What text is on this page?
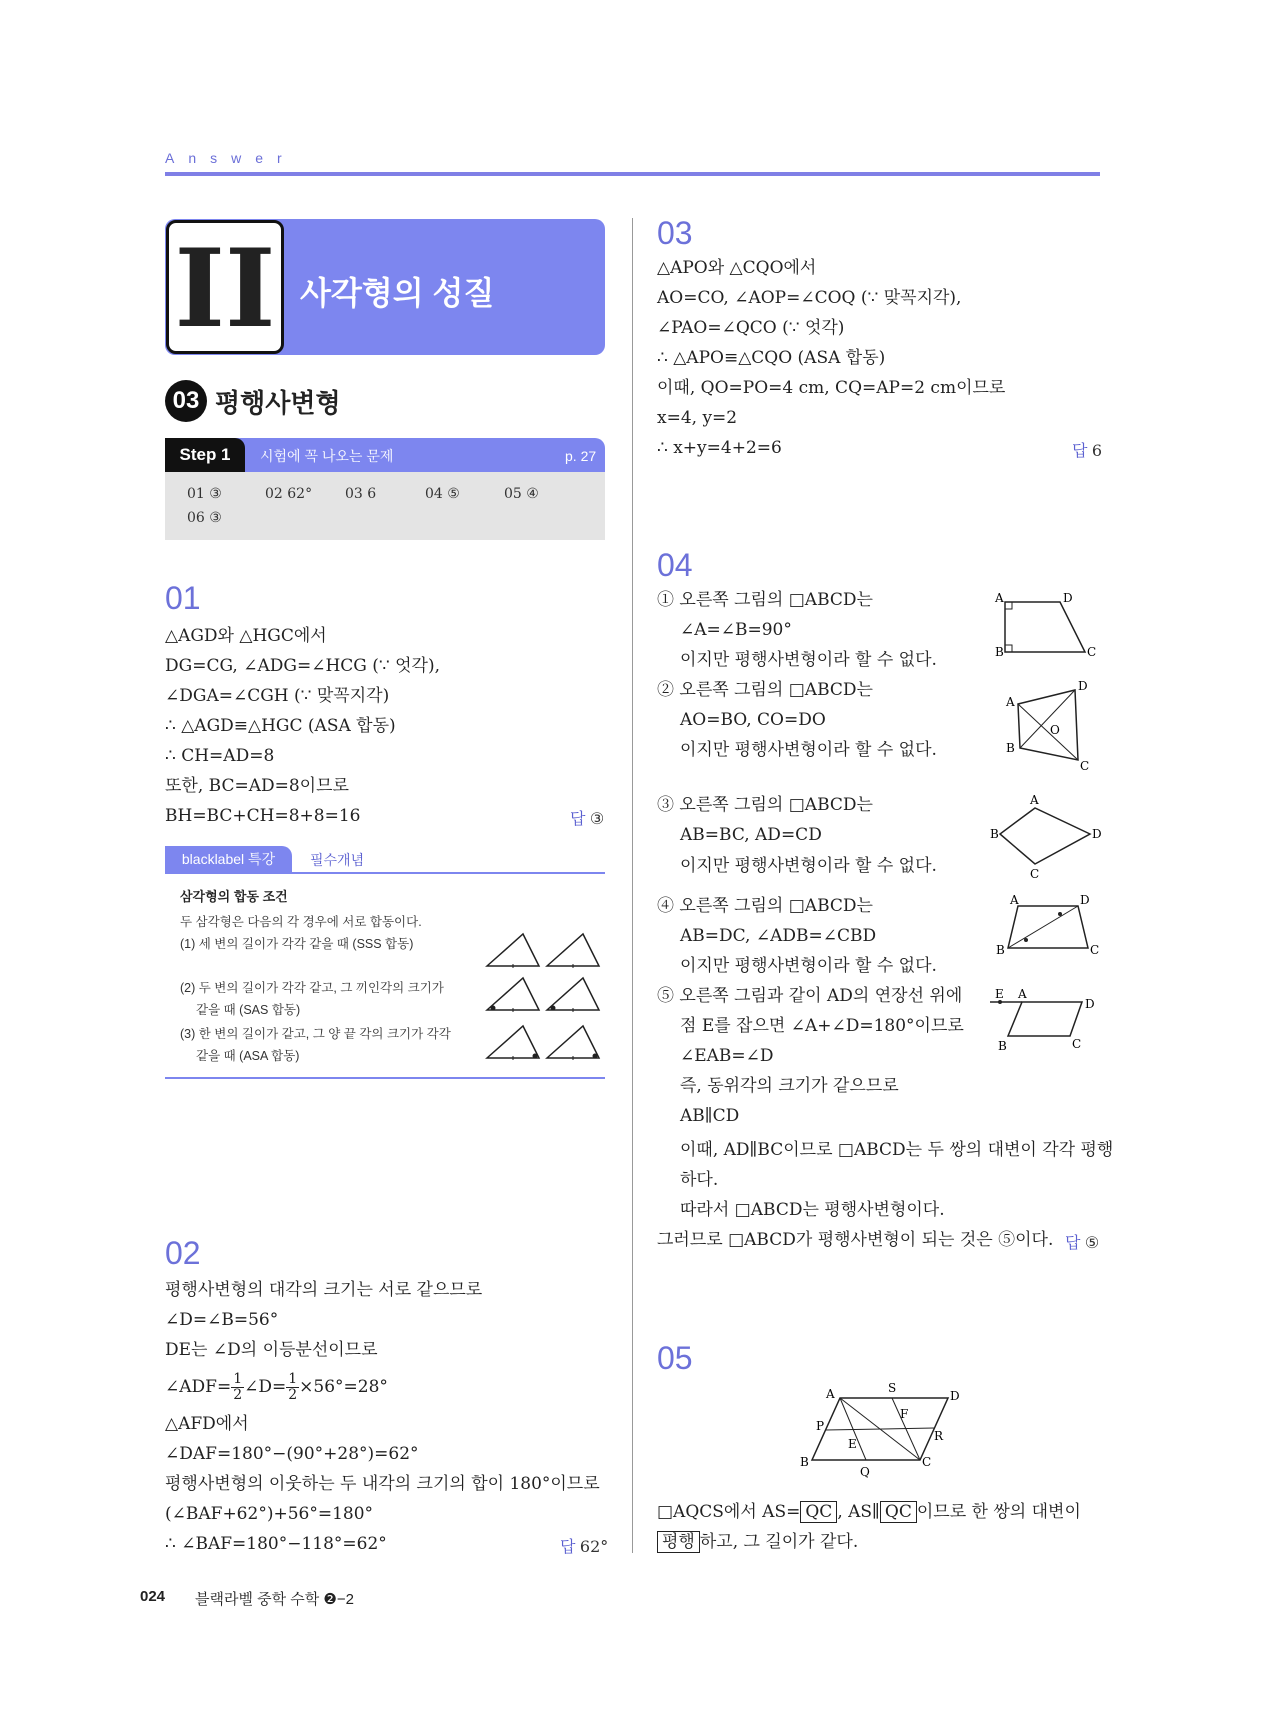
Answer
II 사각형의 성질
03 평행사변형
Step 1	시험에 꼭 나오는 문제	p. 27
01 ③	02 62° 03 6	04 ⑤	05 ④
06 ③
01
△AGD와 △HGC에서
DG=CG, ∠ADG=∠HCG (∵ 엇각),
∠DGA=∠CGH (∵ 맞꼭지각)
∴ △AGD≡△HGC (ASA 합동)
∴ CH=AD=8
또한, BC=AD=8이므로
BH=BC+CH=8+8=16	답 ③
blacklabel 특강	필수개념
삼각형의 합동 조건
두 삼각형은 다음의 각 경우에 서로 합동이다.
(1) 세 변의 길이가 각각 같을 때 (SSS 합동)
(2) 두 변의 길이가 각각 같고, 그 끼인각의 크기가
같을 때 (SAS 합동)
(3) 한 변의 길이가 같고, 그 양 끝 각의 크기가 각각
같을 때 (ASA 합동)
02
평행사변형의 대각의 크기는 서로 같으므로
∠D=∠B=56°
DE는 ∠D의 이등분선이므로
∠ADF= $\frac{1}{2}$ ∠D= $\frac{1}{2} \times 56^\circ=28^\circ$
△AFD에서
∠DAF=180°−(90°+28°)=62°
평행사변형의 이웃하는 두 내각의 크기의 합이 180°이므로
(∠BAF+62°)+56°=180°
∴ ∠BAF=180°−118°=62°	답 62°
03
△APO와 △CQO에서
AO=CO, ∠AOP=∠COQ (∵ 맞꼭지각),
∠PAO=∠QCO (∵ 엇각)
∴ △APO≡△CQO (ASA 합동)
이때, QO=PO=4 cm, CQ=AP=2 cm이므로
x=4, y=2
∴ x+y=4+2=6	답 6
04
① 오른쪽 그림의 □ABCD는
∠A=∠B=90°
이지만 평행사변형이라 할 수 없다.
② 오른쪽 그림의 □ABCD는
AO=BO, CO=DO
이지만 평행사변형이라 할 수 없다.
③ 오른쪽 그림의 □ABCD는
AB=BC, AD=CD
이지만 평행사변형이라 할 수 없다.
④ 오른쪽 그림의 □ABCD는
AB=DC, ∠ADB=∠CBD
이지만 평행사변형이라 할 수 없다.
⑤ 오른쪽 그림과 같이 AD의 연장선 위에
점 E를 잡으면 ∠A+∠D=180°이므로
∠EAB=∠D
즉, 동위각의 크기가 같으므로
AB∥CD
이때, AD∥BC이므로 □ABCD는 두 쌍의 대변이 각각 평행
하다.
따라서 □ABCD는 평행사변형이다.
그러므로 □ABCD가 평행사변형이 되는 것은 ⑤이다. 답 ⑤
A	D
B	C
A
D
O
B
C
A
B	D
C
A	D
B	C
E A
D
B	C
05
A	S
D
F
P
R
E
B
Q
C
□AQCS에서 AS= QC , AS∥ QC 이므로 한 쌍의 대변이
평행 하고, 그 길이가 같다.
024 블랙라벨 중학 수학 ❷−2
